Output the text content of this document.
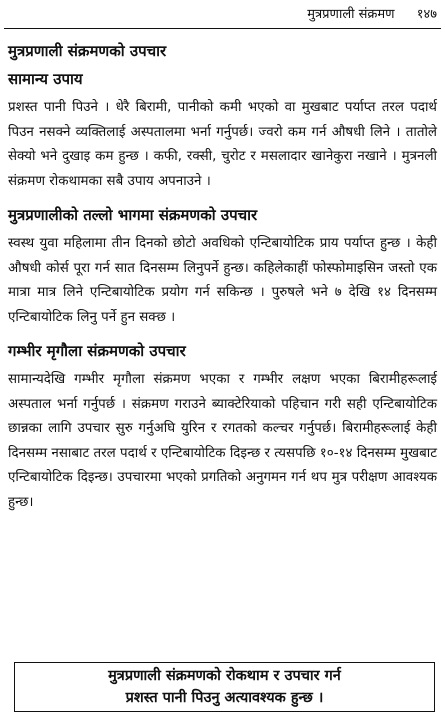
मुत्रप्रणाली संक्रमण १४७
मुत्रप्रणाली संक्रमणको उपचार
सामान्य उपाय

प्रशस्त पानी पिउने । धेरै बिरामी, पानीको कमी भएको वा मुखबाट पर्याप्त तरल पदार्थ पिउन नसक्ने व्यक्तिलाई अस्पतालमा भर्ना गर्नुपर्छ। ज्वरो कम गर्न औषधी लिने । तातोले सेक्यो भने दुखाइ कम हुन्छ । कफी, रक्सी, चुरोट र मसलादार खानेकुरा नखाने । मुत्रनली संक्रमण रोकथामका सबै उपाय अपनाउने ।

मुत्रप्रणालीको तल्लो भागमा संक्रमणको उपचार

स्वस्थ युवा महिलामा तीन दिनको छोटो अवधिको एन्टिबायोटिक प्राय पर्याप्त हुन्छ । केही औषधी कोर्स पूरा गर्न सात दिनसम्म लिनुपर्ने हुन्छ। कहिलेकाहीं फोस्फोमाइसिन जस्तो एक मात्रा मात्र लिने एन्टिबायोटिक प्रयोग गर्न सकिन्छ । पुरुषले भने ७ देखि १४ दिनसम्म एन्टिबायोटिक लिनु पर्ने हुन सक्छ ।

गम्भीर मृगौला संक्रमणको उपचार

सामान्यदेखि गम्भीर मृगौला संक्रमण भएका र गम्भीर लक्षण भएका बिरामीहरूलाई अस्पताल भर्ना गर्नुपर्छ । संक्रमण गराउने ब्याक्टेरियाको पहिचान गरी सही एन्टिबायोटिक छान्नका लागि उपचार सुरु गर्नुअघि युरिन र रगतको कल्चर गर्नुपर्छ। बिरामीहरूलाई केही दिनसम्म नसाबाट तरल पदार्थ र एन्टिबायोटिक दिइन्छ र त्यसपछि १०-१४ दिनसम्म मुखबाट एन्टिबायोटिक दिइन्छ। उपचारमा भएको प्रगतिको अनुगमन गर्न थप मुत्र परीक्षण आवश्यक हुन्छ।

मुत्रप्रणाली संक्रमणको रोकथाम र उपचार गर्न
प्रशस्त पानी पिउनु अत्यावश्यक हुन्छ ।
